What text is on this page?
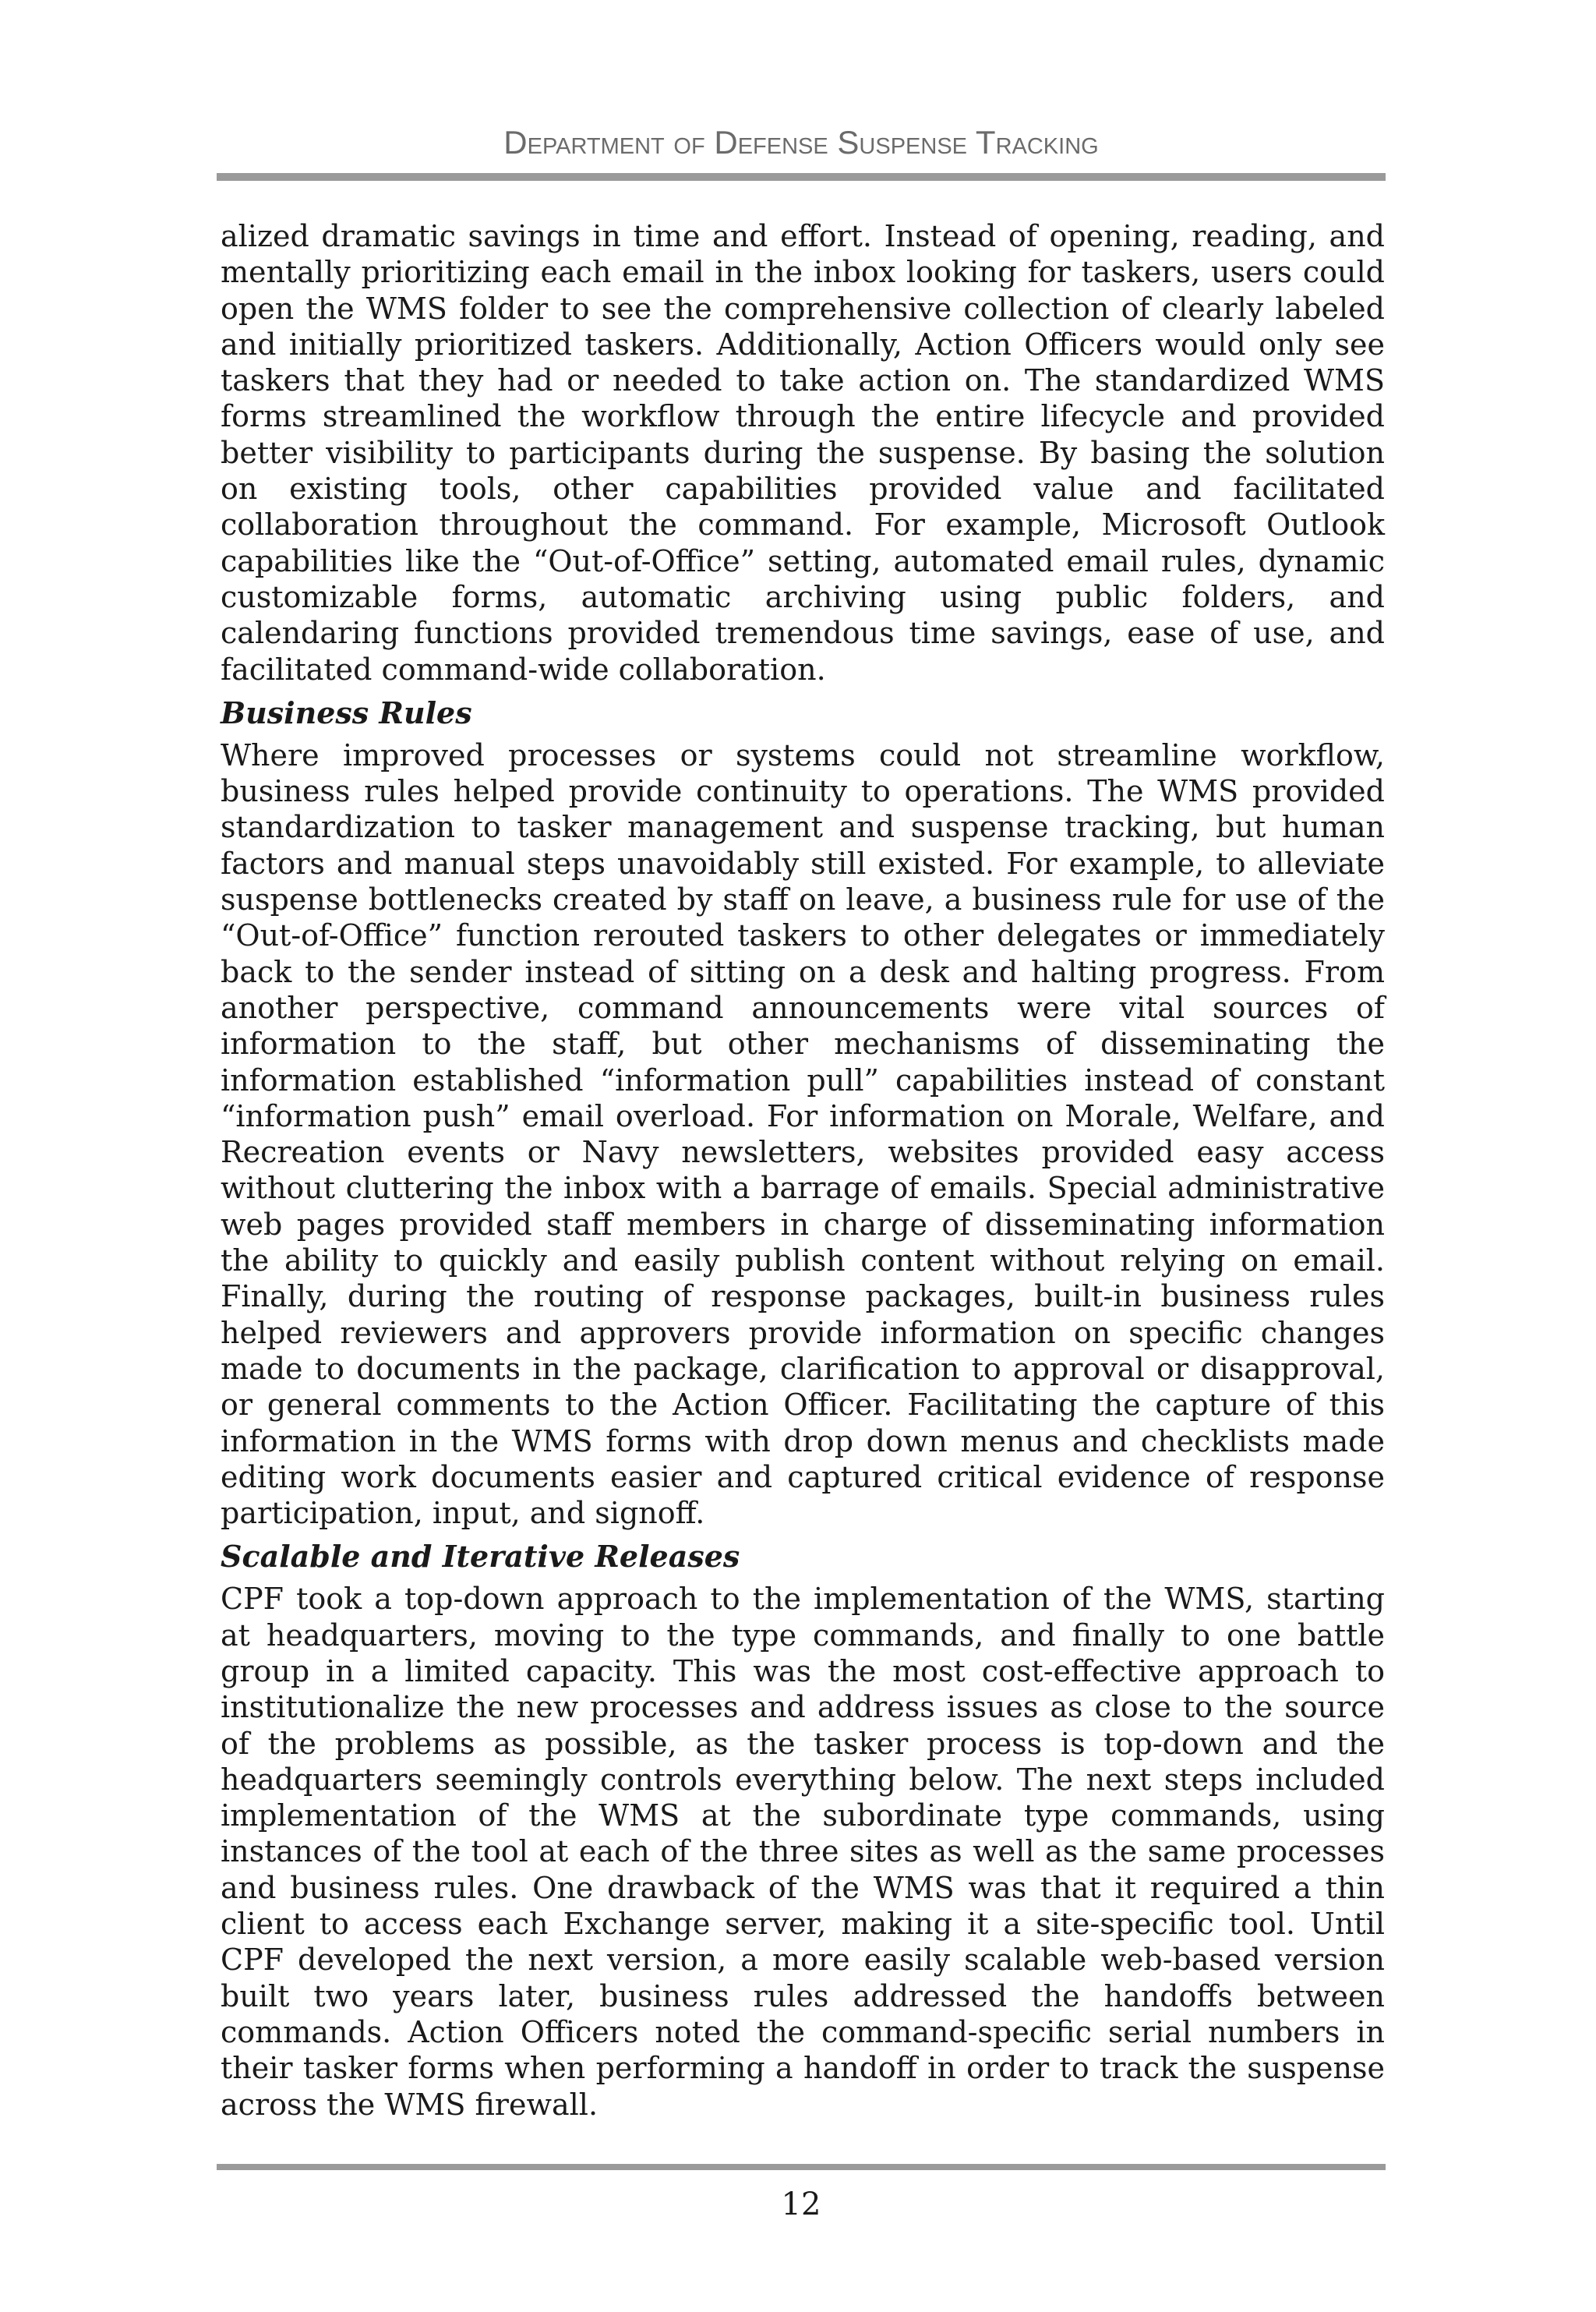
Department of Defense Suspense Tracking

alized dramatic savings in time and effort. Instead of opening, reading, and mentally prioritizing each email in the inbox looking for taskers, users could open the WMS folder to see the comprehensive collection of clearly labeled and initially prioritized taskers. Additionally, Action Officers would only see taskers that they had or needed to take action on. The standardized WMS forms streamlined the workflow through the entire lifecycle and provided better visibility to participants during the suspense. By basing the solution on existing tools, other capabilities provided value and facilitated collaboration throughout the command. For example, Microsoft Outlook capabilities like the “Out-of-Office” setting, automated email rules, dynamic customizable forms, automatic archiving using public folders, and calendaring functions provided tremendous time savings, ease of use, and facilitated command-wide collaboration.

Business Rules

Where improved processes or systems could not streamline workflow, business rules helped provide continuity to operations. The WMS provided standardization to tasker management and suspense tracking, but human factors and manual steps unavoidably still existed. For example, to alleviate suspense bottlenecks created by staff on leave, a business rule for use of the “Out-of-Office” function rerouted taskers to other delegates or immediately back to the sender instead of sitting on a desk and halting progress. From another perspective, command announcements were vital sources of information to the staff, but other mechanisms of disseminating the information established “information pull” capabilities instead of constant “information push” email overload. For information on Morale, Welfare, and Recreation events or Navy newsletters, websites provided easy access without cluttering the inbox with a barrage of emails. Special administrative web pages provided staff members in charge of disseminating information the ability to quickly and easily publish content without relying on email. Finally, during the routing of response packages, built-in business rules helped reviewers and approvers provide information on specific changes made to documents in the package, clarification to approval or disapproval, or general comments to the Action Officer. Facilitating the capture of this information in the WMS forms with drop down menus and checklists made editing work documents easier and captured critical evidence of response participation, input, and signoff.

Scalable and Iterative Releases

CPF took a top-down approach to the implementation of the WMS, starting at headquarters, moving to the type commands, and finally to one battle group in a limited capacity. This was the most cost-effective approach to institutionalize the new processes and address issues as close to the source of the problems as possible, as the tasker process is top-down and the headquarters seemingly controls everything below. The next steps included implementation of the WMS at the subordinate type commands, using instances of the tool at each of the three sites as well as the same processes and business rules. One drawback of the WMS was that it required a thin client to access each Exchange server, making it a site-specific tool. Until CPF developed the next version, a more easily scalable web-based version built two years later, business rules addressed the handoffs between commands. Action Officers noted the command-specific serial numbers in their tasker forms when performing a handoff in order to track the suspense across the WMS firewall.

12
